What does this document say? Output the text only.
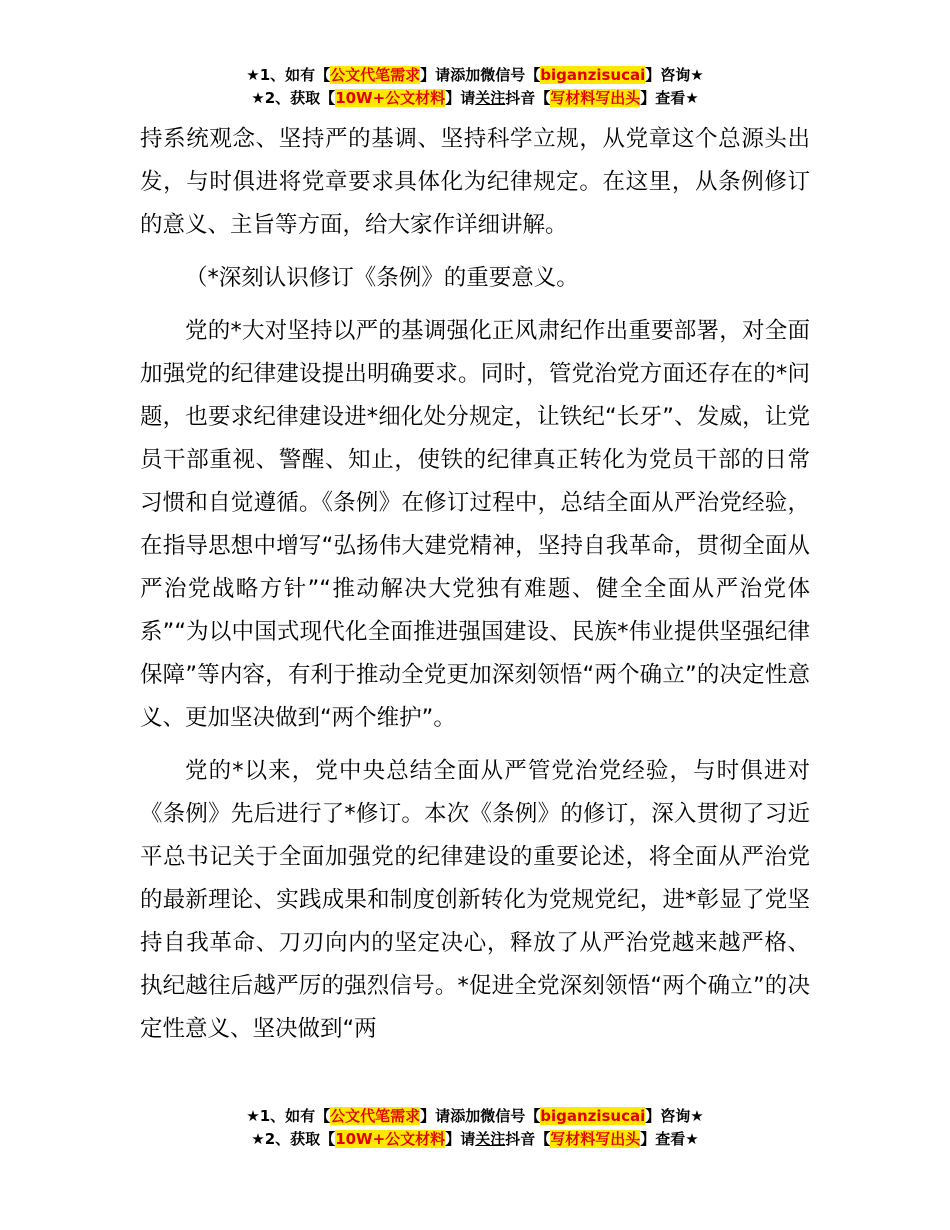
★1、如有【公文代笔需求】请添加微信号【biganzisucai】咨询★
★2、获取【10W+公文材料】请关注抖音【写材料写出头】查看★

持系统观念、坚持严的基调、坚持科学立规，从党章这个总源头出发，与时俱进将党章要求具体化为纪律规定。在这里，从条例修订的意义、主旨等方面，给大家作详细讲解。

（*深刻认识修订《条例》的重要意义。

党的*大对坚持以严的基调强化正风肃纪作出重要部署，对全面加强党的纪律建设提出明确要求。同时，管党治党方面还存在的*问题，也要求纪律建设进*细化处分规定，让铁纪“长牙”、发威，让党员干部重视、警醒、知止，使铁的纪律真正转化为党员干部的日常习惯和自觉遵循。《条例》在修订过程中，总结全面从严治党经验，在指导思想中增写“弘扬伟大建党精神，坚持自我革命，贯彻全面从严治党战略方针”“推动解决大党独有难题、健全全面从严治党体系”“为以中国式现代化全面推进强国建设、民族*伟业提供坚强纪律保障”等内容，有利于推动全党更加深刻领悟“两个确立”的决定性意义、更加坚决做到“两个维护”。

党的*以来，党中央总结全面从严管党治党经验，与时俱进对《条例》先后进行了*修订。本次《条例》的修订，深入贯彻了习近平总书记关于全面加强党的纪律建设的重要论述，将全面从严治党的最新理论、实践成果和制度创新转化为党规党纪，进*彰显了党坚持自我革命、刀刃向内的坚定决心，释放了从严治党越来越严格、执纪越往后越严厉的强烈信号。*促进全党深刻领悟“两个确立”的决定性意义、坚决做到“两

★1、如有【公文代笔需求】请添加微信号【biganzisucai】咨询★
★2、获取【10W+公文材料】请关注抖音【写材料写出头】查看★
